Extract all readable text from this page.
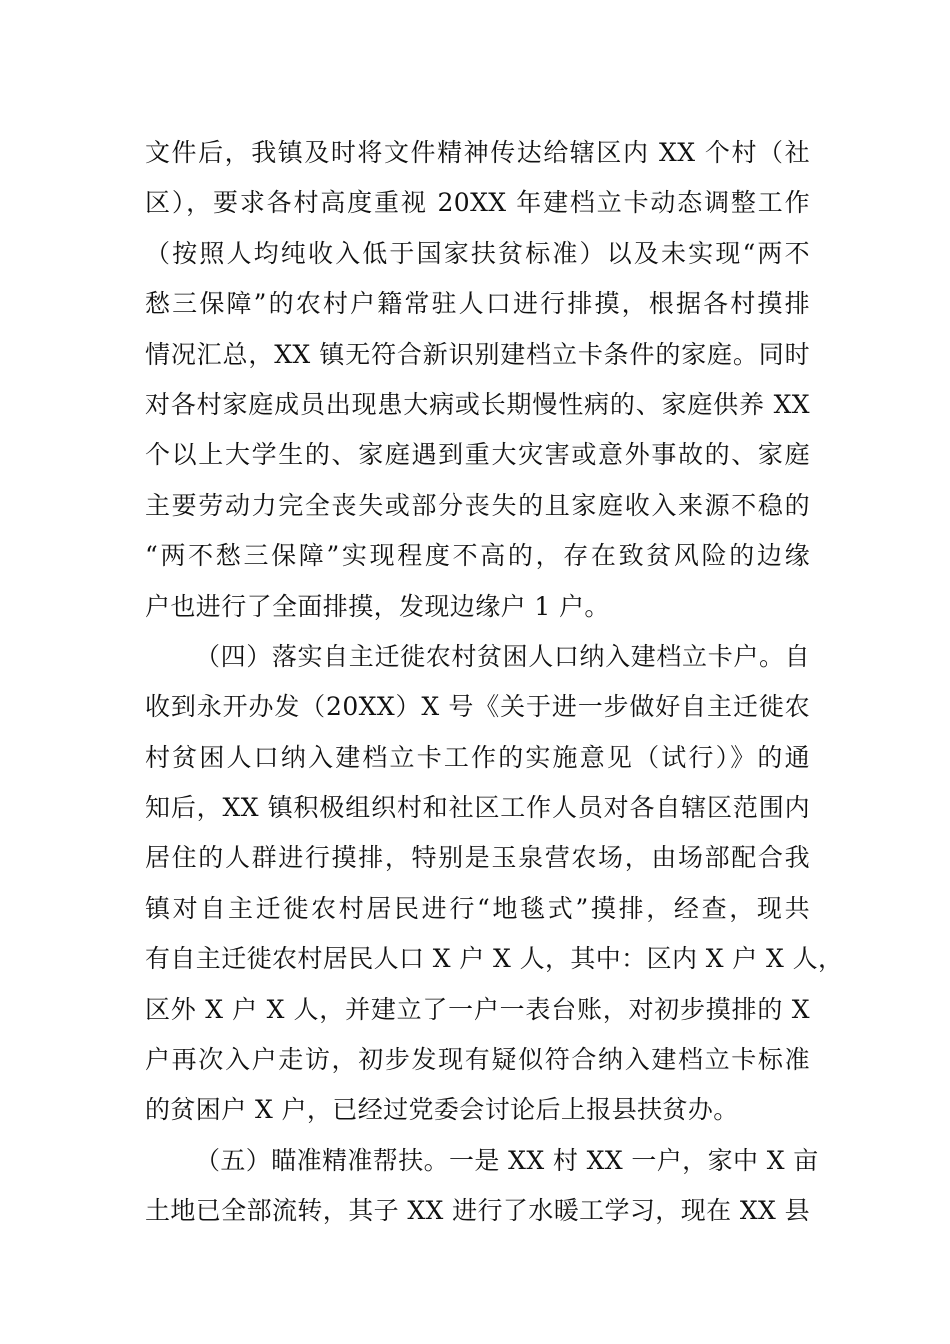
文件后，我镇及时将文件精神传达给辖区内 XX 个村（社
区），要求各村高度重视 20XX 年建档立卡动态调整工作
（按照人均纯收入低于国家扶贫标准）以及未实现“两不
愁三保障”的农村户籍常驻人口进行排摸，根据各村摸排
情况汇总，XX 镇无符合新识别建档立卡条件的家庭。同时
对各村家庭成员出现患大病或长期慢性病的、家庭供养 XX
个以上大学生的、家庭遇到重大灾害或意外事故的、家庭
主要劳动力完全丧失或部分丧失的且家庭收入来源不稳的
“两不愁三保障”实现程度不高的，存在致贫风险的边缘
户也进行了全面排摸，发现边缘户 1 户。
（四）落实自主迁徙农村贫困人口纳入建档立卡户。自
收到永开办发（20XX）X 号《关于进一步做好自主迁徙农
村贫困人口纳入建档立卡工作的实施意见（试行）》的通
知后，XX 镇积极组织村和社区工作人员对各自辖区范围内
居住的人群进行摸排，特别是玉泉营农场，由场部配合我
镇对自主迁徙农村居民进行“地毯式”摸排，经查，现共
有自主迁徙农村居民人口 X 户 X 人，其中：区内 X 户 X 人，
区外 X 户 X 人，并建立了一户一表台账，对初步摸排的 X
户再次入户走访，初步发现有疑似符合纳入建档立卡标准
的贫困户 X 户，已经过党委会讨论后上报县扶贫办。
（五）瞄准精准帮扶。一是 XX 村 XX 一户，家中 X 亩
土地已全部流转，其子 XX 进行了水暖工学习，现在 XX 县
